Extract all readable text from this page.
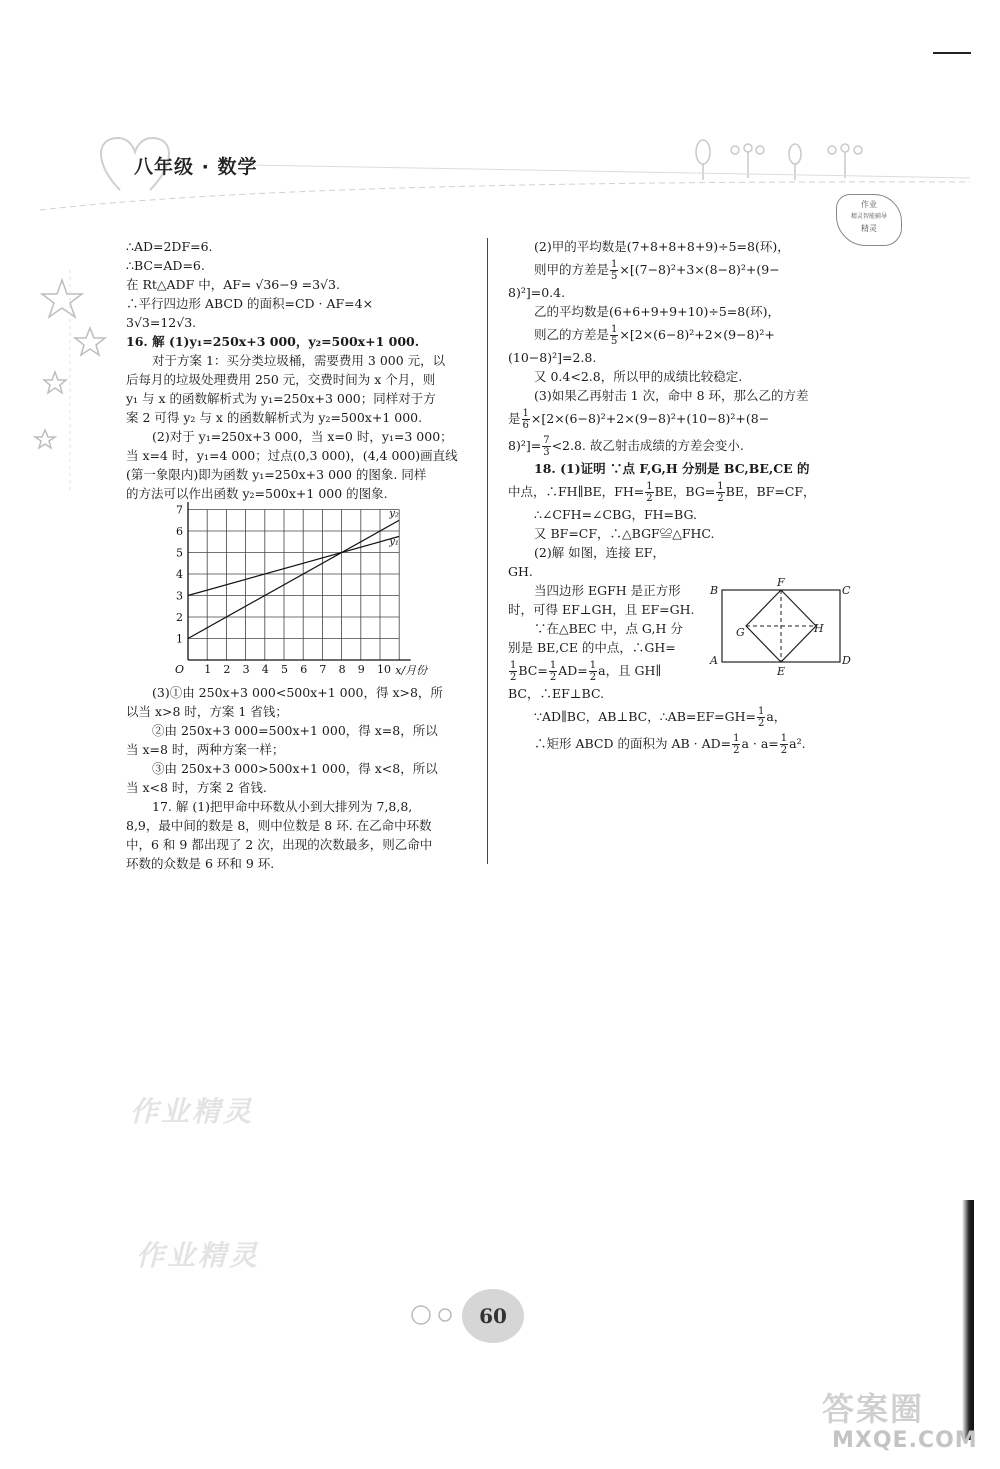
八年级 · 数学
作业
精灵智能辅导
精灵
∴AD=2DF=6.
∴BC=AD=6.
在 Rt△ADF 中，AF= √36−9 =3√3.
∴平行四边形 ABCD 的面积=CD · AF=4×
3√3=12√3.
16. 解 (1)y₁=250x+3 000，y₂=500x+1 000.
对于方案 1：买分类垃圾桶，需要费用 3 000 元，以
后每月的垃圾处理费用 250 元，交费时间为 x 个月，则
y₁ 与 x 的函数解析式为 y₁=250x+3 000；同样对于方
案 2 可得 y₂ 与 x 的函数解析式为 y₂=500x+1 000.
(2)对于 y₁=250x+3 000，当 x=0 时，y₁=3 000；
当 x=4 时，y₁=4 000；过点(0,3 000)，(4,4 000)画直线
(第一象限内)即为函数 y₁=250x+3 000 的图象. 同样
的方法可以作出函数 y₂=500x+1 000 的图象.
1 2 3 4 5 6 7 8 9 10
1
2
3
4
5
6
7
O	x/月份
y₁
y₂
(3)①由 250x+3 000<500x+1 000，得 x>8，所
以当 x>8 时，方案 1 省钱；
②由 250x+3 000=500x+1 000，得 x=8，所以
当 x=8 时，两种方案一样；
③由 250x+3 000>500x+1 000，得 x<8，所以
当 x<8 时，方案 2 省钱.
17. 解 (1)把甲命中环数从小到大排列为 7,8,8,
8,9，最中间的数是 8，则中位数是 8 环. 在乙命中环数
中，6 和 9 都出现了 2 次，出现的次数最多，则乙命中
环数的众数是 6 环和 9 环.
(2)甲的平均数是(7+8+8+8+9)÷5=8(环)，
则甲的方差是 $\frac{1}{5} \times[(7-8)^2+3\times(8-8)^2+(9-$
8)²]=0.4.
乙的平均数是(6+6+9+9+10)÷5=8(环)，
则乙的方差是 $\frac{1}{5} \times[2\times(6-8)^2+2\times(9-8)^2+$
(10−8)²]=2.8.
又 0.4<2.8，所以甲的成绩比较稳定.
(3)如果乙再射击 1 次，命中 8 环，那么乙的方差
是 $\frac{1}{6} \times[2\times(6-8)^2+2\times(9-8)^2+(10-8)^2+(8-$
$8)^2]= \frac{7}{3} <2.8$. 故乙射击成绩的方差会变小.
18. (1)证明 ∵点 F,G,H 分别是 BC,BE,CE 的
中点，∴FH∥BE，$FH= \frac{1}{2}$ BE，$BG= \frac{1}{2}$ BE，BF=CF，
∴∠CFH=∠CBG，FH=BG.
又 BF=CF，∴△BGF≌△FHC.
(2)解 如图，连接 EF，
GH.
当四边形 EGFH 是正方形
时，可得 EF⊥GH，且 EF=GH.
∵在△BEC 中，点 G,H 分
别是 BE,CE 的中点，∴GH=
$\frac{1}{2} BC= \frac{1}{2} AD= \frac{1}{2}$ a，且 GH∥
BC，∴EF⊥BC.
∵AD∥BC，AB⊥BC，∴AB=EF=GH= $\frac{1}{2}$ a，
∴矩形 ABCD 的面积为 AB · $AD= \frac{1}{2}$ $a \cdot a= \frac{1}{2} a^2$.
B
F
C
G	H
A
E
D
作业精灵
作业精灵
60
答案圈
MXQE.COM
